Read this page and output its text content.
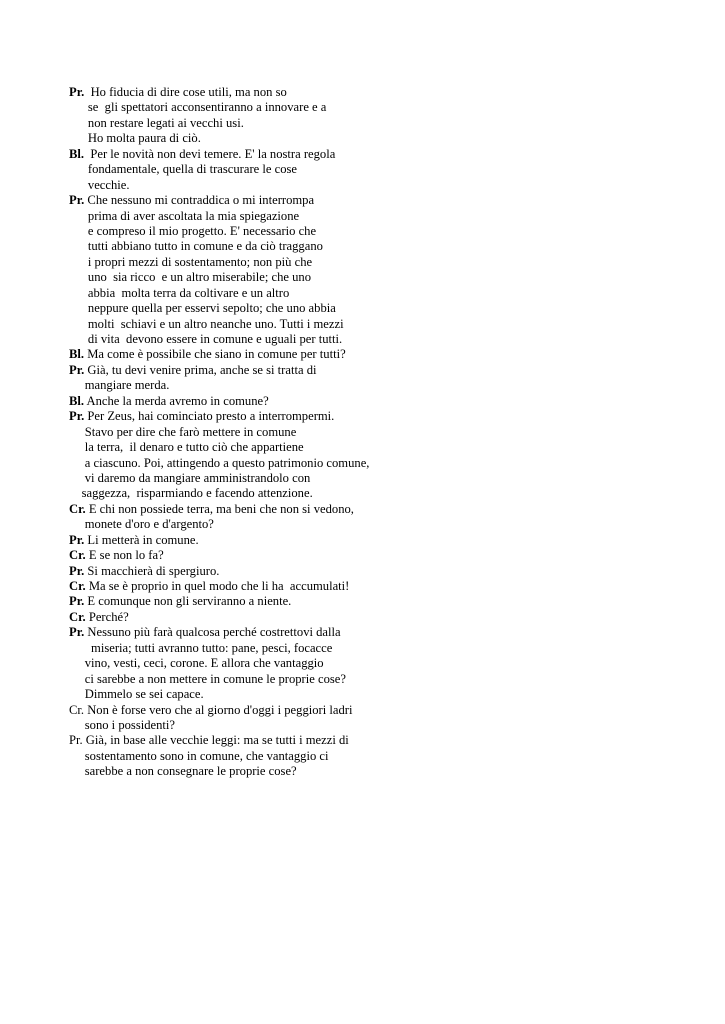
Pr.  Ho fiducia di dire cose utili, ma non so
se  gli spettatori acconsentiranno a innovare e a
non restare legati ai vecchi usi.
Ho molta paura di ciò.
Bl.  Per le novità non devi temere. E' la nostra regola
fondamentale, quella di trascurare le cose
vecchie.
Pr. Che nessuno mi contraddica o mi interrompa
prima di aver ascoltata la mia spiegazione
e compreso il mio progetto. E' necessario che
tutti abbiano tutto in comune e da ciò traggano
i propri mezzi di sostentamento; non più che
uno  sia ricco  e un altro miserabile; che uno
abbia  molta terra da coltivare e un altro
neppure quella per esservi sepolto; che uno abbia
molti  schiavi e un altro neanche uno. Tutti i mezzi
di vita  devono essere in comune e uguali per tutti.
Bl. Ma come è possibile che siano in comune per tutti?
Pr. Già, tu devi venire prima, anche se si tratta di
mangiare merda.
Bl. Anche la merda avremo in comune?
Pr. Per Zeus, hai cominciato presto a interrompermi.
Stavo per dire che farò mettere in comune
la terra,  il denaro e tutto ciò che appartiene
a ciascuno. Poi, attingendo a questo patrimonio comune,
vi daremo da mangiare amministrandolo con
saggezza,  risparmiando e facendo attenzione.
Cr. E chi non possiede terra, ma beni che non si vedono,
monete d'oro e d'argento?
Pr. Li metterà in comune.
Cr. E se non lo fa?
Pr. Si macchierà di spergiuro.
Cr. Ma se è proprio in quel modo che li ha  accumulati!
Pr. E comunque non gli serviranno a niente.
Cr. Perché?
Pr. Nessuno più farà qualcosa perché costrettovi dalla
miseria; tutti avranno tutto: pane, pesci, focacce
vino, vesti, ceci, corone. E allora che vantaggio
ci sarebbe a non mettere in comune le proprie cose?
Dimmelo se sei capace.
Cr. Non è forse vero che al giorno d'oggi i peggiori ladri
sono i possidenti?
Pr. Già, in base alle vecchie leggi: ma se tutti i mezzi di
sostentamento sono in comune, che vantaggio ci
sarebbe a non consegnare le proprie cose?
